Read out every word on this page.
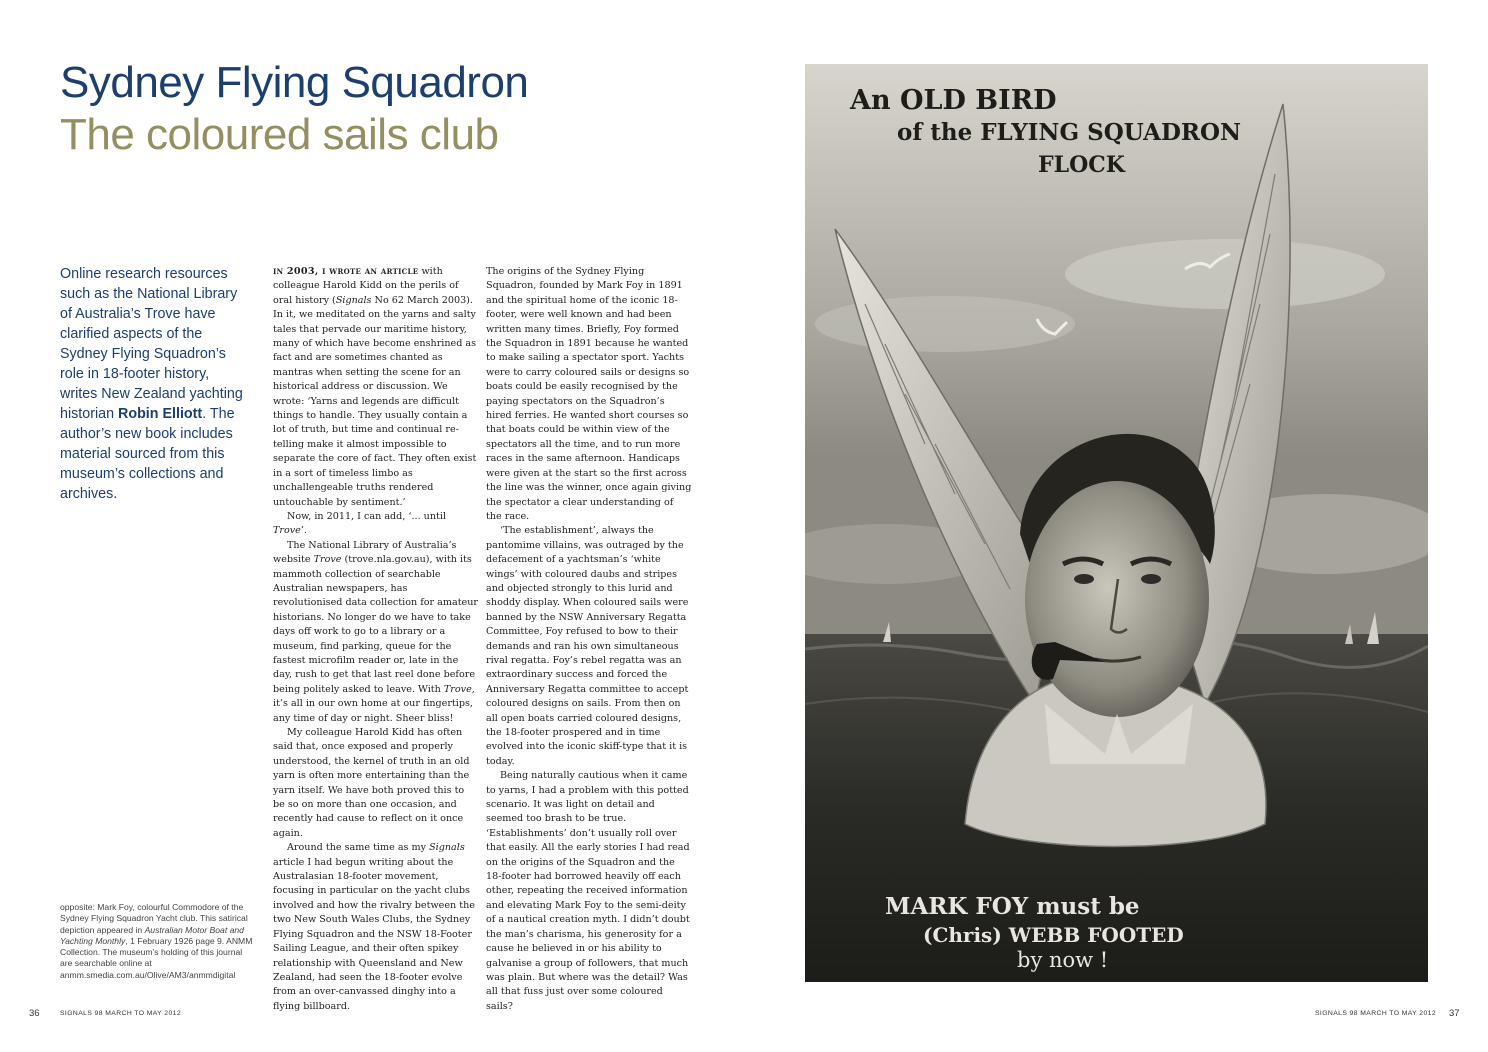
Sydney Flying Squadron
The coloured sails club
Online research resources such as the National Library of Australia’s Trove have clarified aspects of the Sydney Flying Squadron’s role in 18-footer history, writes New Zealand yachting historian Robin Elliott. The author’s new book includes material sourced from this museum’s collections and archives.
opposite: Mark Foy, colourful Commodore of the Sydney Flying Squadron Yacht club. This satirical depiction appeared in Australian Motor Boat and Yachting Monthly, 1 February 1926 page 9. ANMM Collection. The museum’s holding of this journal are searchable online at anmm.smedia.com.au/Olive/AM3/anmmdigital

in 2003, i wrote an article with colleague Harold Kidd on the perils of oral history (Signals No 62 March 2003). In it, we meditated on the yarns and salty tales that pervade our maritime history, many of which have become enshrined as fact and are sometimes chanted as mantras when setting the scene for an historical address or discussion. We wrote: ‘Yarns and legends are difficult things to handle. They usually contain a lot of truth, but time and continual re-telling make it almost impossible to separate the core of fact. They often exist in a sort of timeless limbo as unchallengeable truths rendered untouchable by sentiment.’

Now, in 2011, I can add, ‘... until Trove’.

The National Library of Australia’s website Trove (trove.nla.gov.au), with its mammoth collection of searchable Australian newspapers, has revolutionised data collection for amateur historians. No longer do we have to take days off work to go to a library or a museum, find parking, queue for the fastest microfilm reader or, late in the day, rush to get that last reel done before being politely asked to leave. With Trove, it’s all in our own home at our fingertips, any time of day or night. Sheer bliss!

My colleague Harold Kidd has often said that, once exposed and properly understood, the kernel of truth in an old yarn is often more entertaining than the yarn itself. We have both proved this to be so on more than one occasion, and recently had cause to reflect on it once again.

Around the same time as my Signals article I had begun writing about the Australasian 18-footer movement, focusing in particular on the yacht clubs involved and how the rivalry between the two New South Wales Clubs, the Sydney Flying Squadron and the NSW 18-Footer Sailing League, and their often spikey relationship with Queensland and New Zealand, had seen the 18-footer evolve from an over-canvassed dinghy into a flying billboard.

The origins of the Sydney Flying Squadron, founded by Mark Foy in 1891 and the spiritual home of the iconic 18-footer, were well known and had been written many times. Briefly, Foy formed the Squadron in 1891 because he wanted to make sailing a spectator sport. Yachts were to carry coloured sails or designs so boats could be easily recognised by the paying spectators on the Squadron’s hired ferries. He wanted short courses so that boats could be within view of the spectators all the time, and to run more races in the same afternoon. Handicaps were given at the start so the first across the line was the winner, once again giving the spectator a clear understanding of the race.

‘The establishment’, always the pantomime villains, was outraged by the defacement of a yachtsman’s ‘white wings’ with coloured daubs and stripes and objected strongly to this lurid and shoddy display. When coloured sails were banned by the NSW Anniversary Regatta Committee, Foy refused to bow to their demands and ran his own simultaneous rival regatta. Foy’s rebel regatta was an extraordinary success and forced the Anniversary Regatta committee to accept coloured designs on sails. From then on all open boats carried coloured designs, the 18-footer prospered and in time evolved into the iconic skiff-type that it is today.

Being naturally cautious when it came to yarns, I had a problem with this potted scenario. It was light on detail and seemed too brash to be true. ‘Establishments’ don’t usually roll over that easily. All the early stories I had read on the origins of the Squadron and the 18-footer had borrowed heavily off each other, repeating the received information and elevating Mark Foy to the semi-deity of a nautical creation myth. I didn’t doubt the man’s charisma, his generosity for a cause he believed in or his ability to galvanise a group of followers, that much was plain. But where was the detail? Was all that fuss just over some coloured sails?

An OLD BIRD
of the FLYING SQUADRON
FLOCK
MARK FOY must be
(Chris) WEBB FOOTED
by now !
36	SIGNALS 98 MARCH TO MAY 2012	SIGNALS 98 MARCH TO MAY 2012 37
